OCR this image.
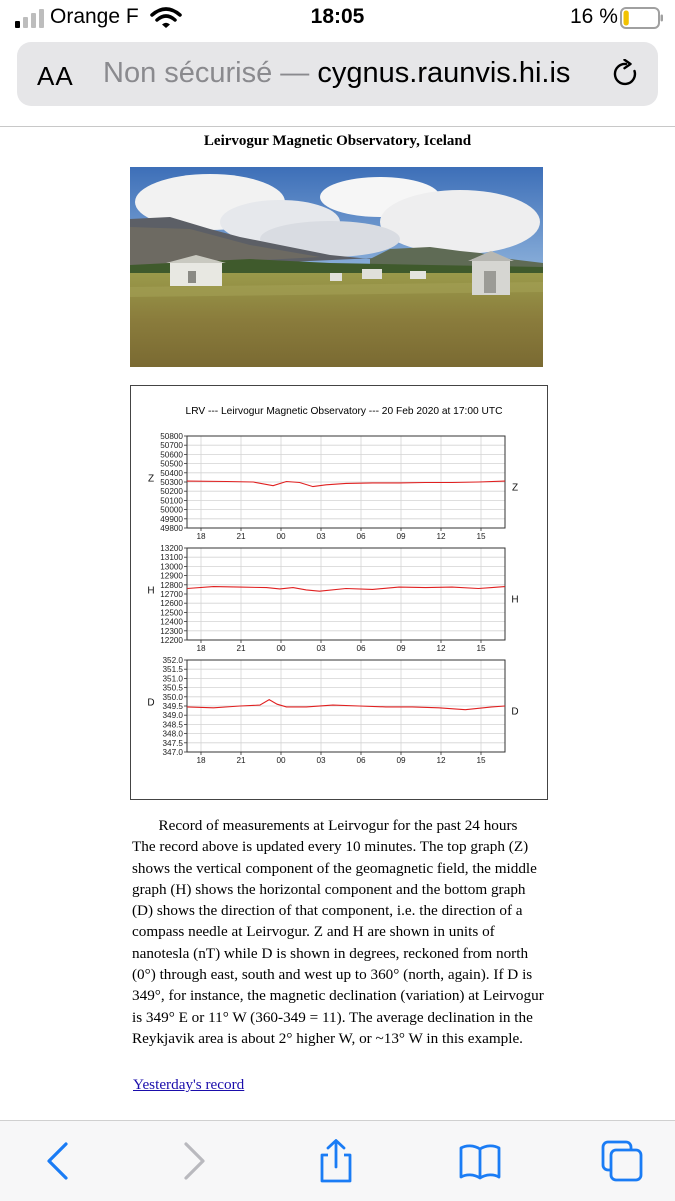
Orange F	18:05	16 %
AA Non sécurisé — cygnus.raunvis.hi.is
Leirvogur Magnetic Observatory, Iceland
LRV --- Leirvogur Magnetic Observatory --- 20 Feb 2020 at 17:00 UTC
50800
50700
50600
50500
50400
50300
50200
50100
50000
49900
49800
18	21	00	03	06	09	12	15
Z
Z
13200
13100
13000
12900
12800
12700
12600
12500
12400
12300
12200
18	21	00	03	06	09	12	15
H
H
352.0
351.5
351.0
350.5
350.0
349.5
349.0
348.5
348.0
347.5
347.0
18	21	00	03	06	09	12	15
D
D

Record of measurements at Leirvogur for the past 24 hours

The record above is updated every 10 minutes. The top graph (Z) shows the vertical component of the geomagnetic field, the middle graph (H) shows the horizontal component and the bottom graph (D) shows the direction of that component, i.e. the direction of a compass needle at Leirvogur. Z and H are shown in units of nanotesla (nT) while D is shown in degrees, reckoned from north (0°) through east, south and west up to 360° (north, again). If D is 349°, for instance, the magnetic declination (variation) at Leirvogur is 349° E or 11° W (360-349 = 11). The average declination in the Reykjavik area is about 2° higher W, or ~13° W in this example.

Yesterday's record
